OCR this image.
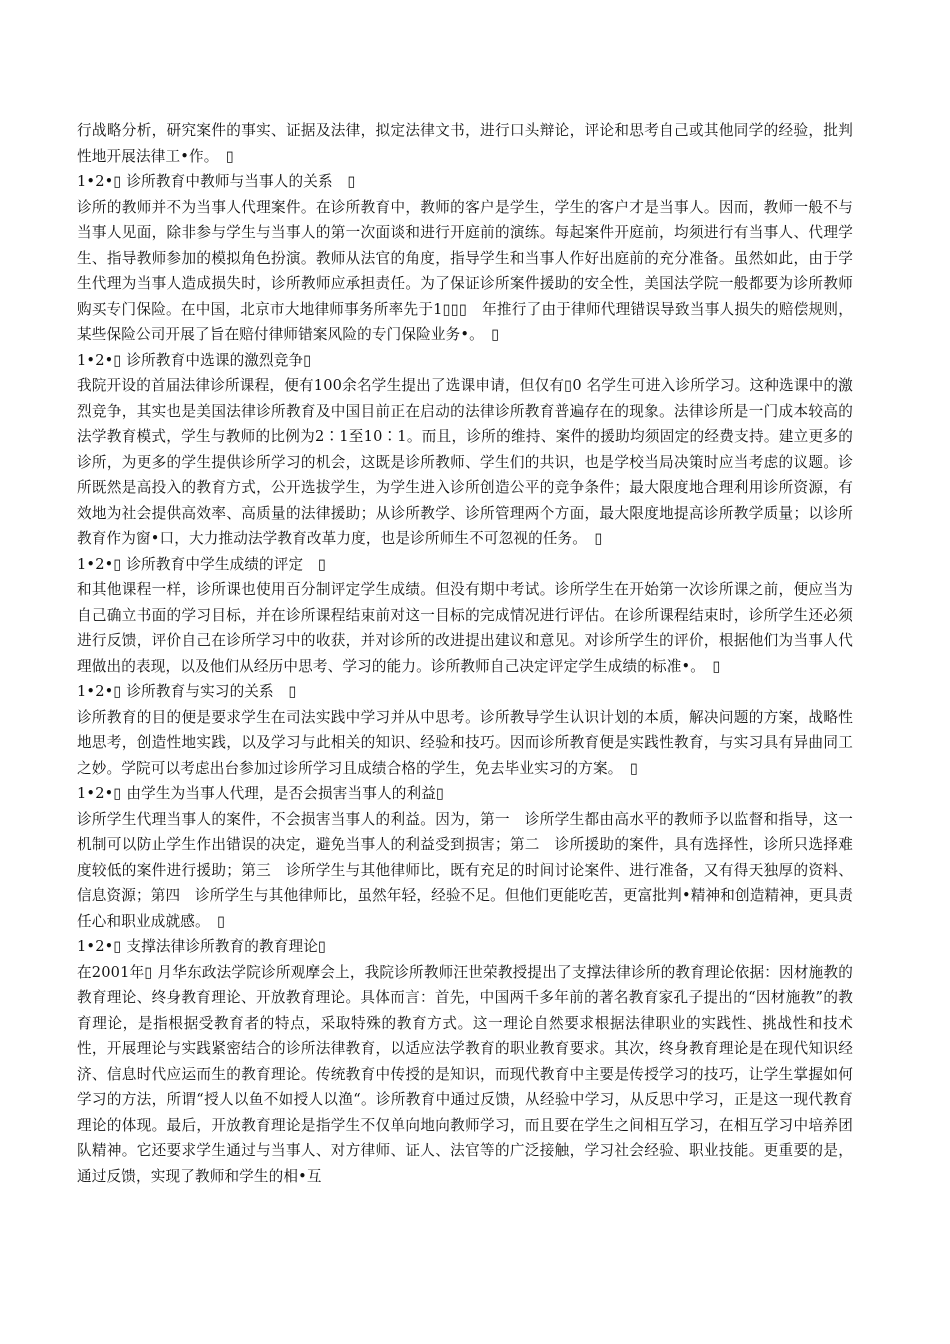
行战略分析，研究案件的事实、证据及法律，拟定法律文书，进行口头辩论，评论和思考自己或其他同学的经验，批判性地开展法律工•作。　▯

1•2•▯ 诊所教育中教师与当事人的关系　▯

诊所的教师并不为当事人代理案件。在诊所教育中，教师的客户是学生，学生的客户才是当事人。因而，教师一般不与当事人见面，除非参与学生与当事人的第一次面谈和进行开庭前的演练。每起案件开庭前，均须进行有当事人、代理学生、指导教师参加的模拟角色扮演。教师从法官的角度，指导学生和当事人作好出庭前的充分准备。虽然如此，由于学生代理为当事人造成损失时，诊所教师应承担责任。为了保证诊所案件援助的安全性，美国法学院一般都要为诊所教师购买专门保险。在中国，北京市大地律师事务所率先于1▯▯▯　年推行了由于律师代理错误导致当事人损失的赔偿规则，某些保险公司开展了旨在赔付律师错案风险的专门保险业务•。　▯

1•2•▯ 诊所教育中选课的激烈竞争▯

我院开设的首届法律诊所课程，便有100余名学生提出了选课申请，但仅有▯0 名学生可进入诊所学习。这种选课中的激烈竞争，其实也是美国法律诊所教育及中国目前正在启动的法律诊所教育普遍存在的现象。法律诊所是一门成本较高的法学教育模式，学生与教师的比例为2∶1至10∶1。而且，诊所的维持、案件的援助均须固定的经费支持。建立更多的诊所，为更多的学生提供诊所学习的机会，这既是诊所教师、学生们的共识，也是学校当局决策时应当考虑的议题。诊所既然是高投入的教育方式，公开选拔学生，为学生进入诊所创造公平的竞争条件；最大限度地合理利用诊所资源，有效地为社会提供高效率、高质量的法律援助；从诊所教学、诊所管理两个方面，最大限度地提高诊所教学质量；以诊所教育作为窗•口，大力推动法学教育改革力度，也是诊所师生不可忽视的任务。　▯

1•2•▯ 诊所教育中学生成绩的评定　▯

和其他课程一样，诊所课也使用百分制评定学生成绩。但没有期中考试。诊所学生在开始第一次诊所课之前，便应当为自己确立书面的学习目标，并在诊所课程结束前对这一目标的完成情况进行评估。在诊所课程结束时，诊所学生还必须进行反馈，评价自己在诊所学习中的收获，并对诊所的改进提出建议和意见。对诊所学生的评价，根据他们为当事人代理做出的表现，以及他们从经历中思考、学习的能力。诊所教师自己决定评定学生成绩的标准•。　▯

1•2•▯ 诊所教育与实习的关系　▯

诊所教育的目的便是要求学生在司法实践中学习并从中思考。诊所教导学生认识计划的本质，解决问题的方案，战略性地思考，创造性地实践，以及学习与此相关的知识、经验和技巧。因而诊所教育便是实践性教育，与实习具有异曲同工之妙。学院可以考虑出台参加过诊所学习且成绩合格的学生，免去毕业实习的方案。　▯

1•2•▯ 由学生为当事人代理，是否会损害当事人的利益▯

诊所学生代理当事人的案件，不会损害当事人的利益。因为，第一　诊所学生都由高水平的教师予以监督和指导，这一机制可以防止学生作出错误的决定，避免当事人的利益受到损害；第二　诊所援助的案件，具有选择性，诊所只选择难度较低的案件进行援助；第三　诊所学生与其他律师比，既有充足的时间讨论案件、进行准备，又有得天独厚的资料、信息资源；第四　诊所学生与其他律师比，虽然年轻，经验不足。但他们更能吃苦，更富批判•精神和创造精神，更具责任心和职业成就感。　▯

1•2•▯ 支撑法律诊所教育的教育理论▯

在2001年▯ 月华东政法学院诊所观摩会上，我院诊所教师汪世荣教授提出了支撑法律诊所的教育理论依据：因材施教的教育理论、终身教育理论、开放教育理论。具体而言：首先，中国两千多年前的著名教育家孔子提出的“因材施教”的教育理论，是指根据受教育者的特点，采取特殊的教育方式。这一理论自然要求根据法律职业的实践性、挑战性和技术性，开展理论与实践紧密结合的诊所法律教育，以适应法学教育的职业教育要求。其次，终身教育理论是在现代知识经济、信息时代应运而生的教育理论。传统教育中传授的是知识，而现代教育中主要是传授学习的技巧，让学生掌握如何学习的方法，所谓“授人以鱼不如授人以渔“。诊所教育中通过反馈，从经验中学习，从反思中学习，正是这一现代教育理论的体现。最后，开放教育理论是指学生不仅单向地向教师学习，而且要在学生之间相互学习，在相互学习中培养团队精神。它还要求学生通过与当事人、对方律师、证人、法官等的广泛接触，学习社会经验、职业技能。更重要的是，通过反馈，实现了教师和学生的相•互
